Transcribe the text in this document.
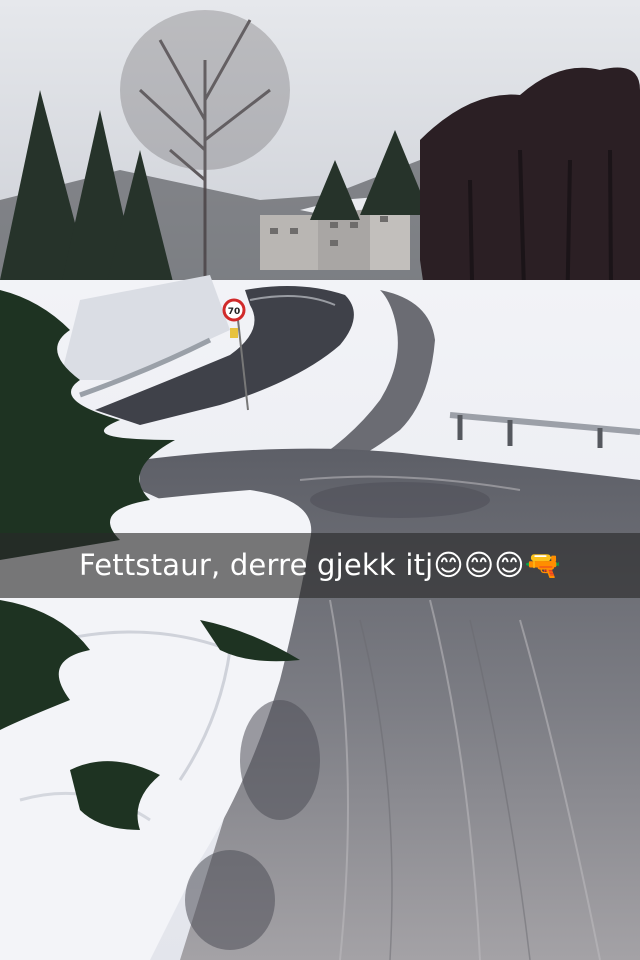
70
Fettstaur, derre gjekk itj😊😊😊🔫
